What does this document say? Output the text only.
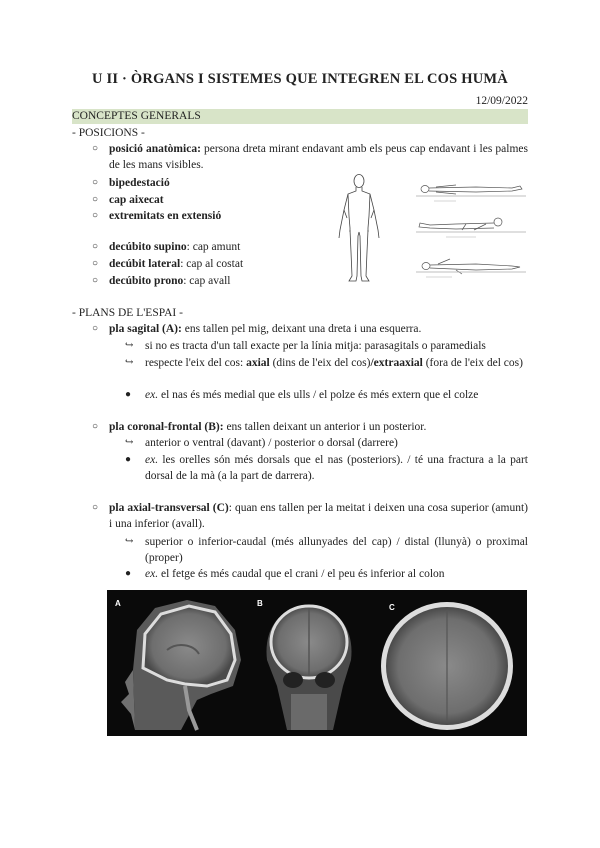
U II · ÒRGANS I SISTEMES QUE INTEGREN EL COS HUMÀ
12/09/2022
CONCEPTES GENERALS
- POSICIONS -
○ posició anatòmica: persona dreta mirant endavant amb els peus cap endavant i les palmes de les mans visibles.
○ bipedestació
○ cap aixecat
○ extremitats en extensió
○ decúbito supino: cap amunt
○ decúbit lateral: cap al costat
○ decúbito prono: cap avall
- PLANS DE L'ESPAI -
○ pla sagital (A): ens tallen pel mig, deixant una dreta i una esquerra.
↪ si no es tracta d'un tall exacte per la línia mitja: parasagitals o paramedials
↪ respecte l'eix del cos: axial (dins de l'eix del cos)/extraaxial (fora de l'eix del cos)
● ex. el nas és més medial que els ulls / el polze és més extern que el colze
○ pla coronal-frontal (B): ens tallen deixant un anterior i un posterior.
↪ anterior o ventral (davant) / posterior o dorsal (darrere)
● ex. les orelles són més dorsals que el nas (posteriors). / té una fractura a la part dorsal de la mà (a la part de darrera).
○ pla axial-transversal (C): quan ens tallen per la meitat i deixen una cosa superior (amunt) i una inferior (avall).
↪ superior o inferior-caudal (més allunyades del cap) / distal (llunyà) o proximal (proper)
● ex. el fetge és més caudal que el crani / el peu és inferior al colon
A	B	C
